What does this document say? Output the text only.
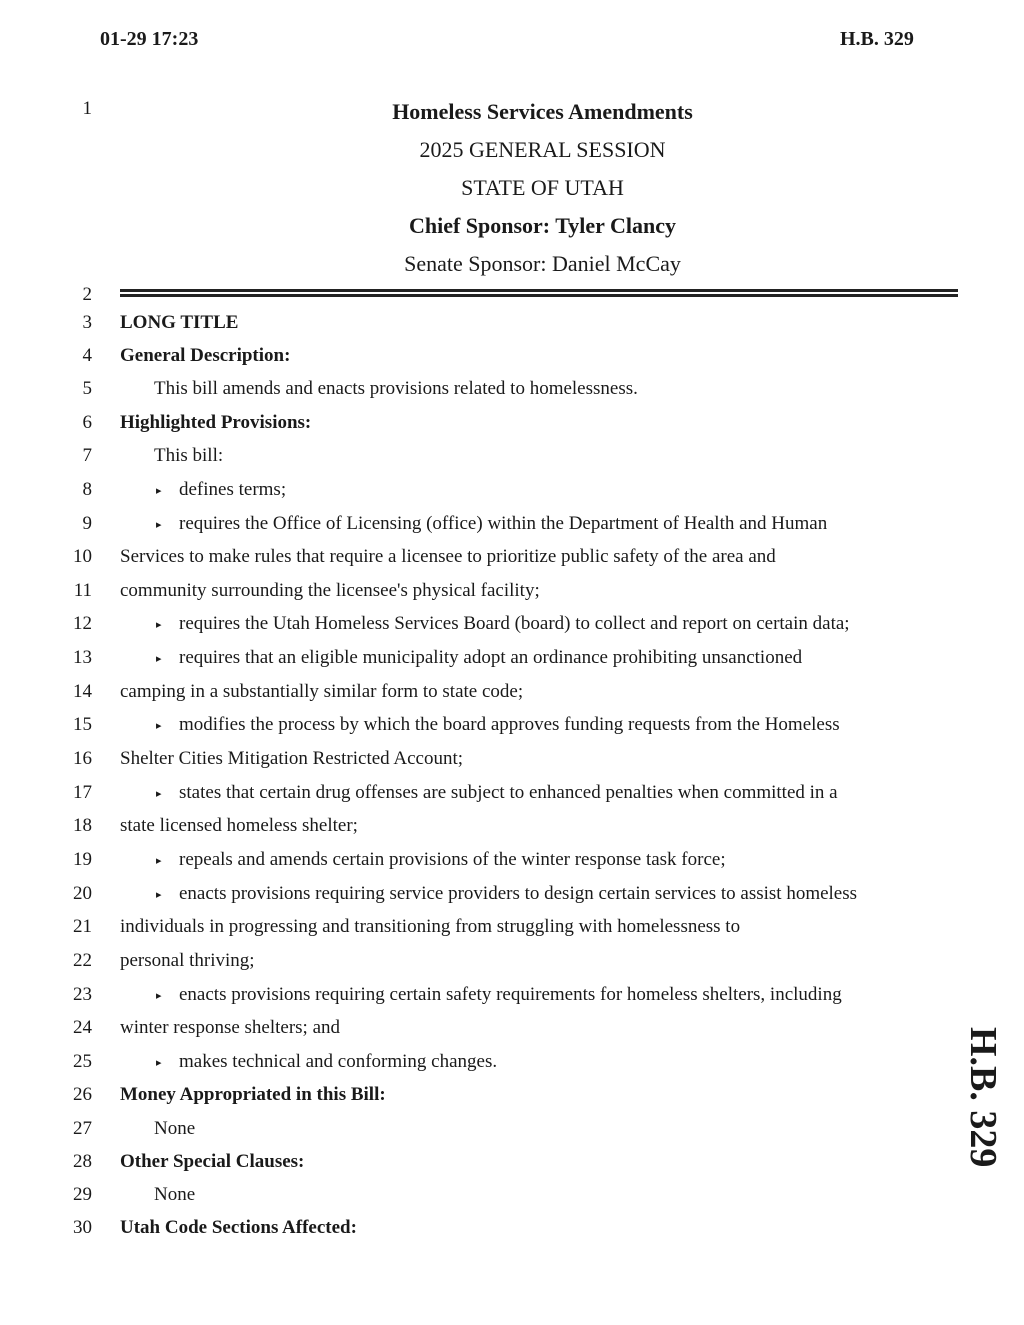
01-29 17:23	H.B. 329
1
2
3
4
5
6
7
8
9
10
11
12
13
14
15
16
17
18
19
20
21
22
23
24
25
26
27
28
29
30
Homeless Services Amendments
2025 GENERAL SESSION
STATE OF UTAH
Chief Sponsor: Tyler Clancy
Senate Sponsor: Daniel McCay
LONG TITLE
General Description:
This bill amends and enacts provisions related to homelessness.
Highlighted Provisions:
This bill:
▸ defines terms;
▸ requires the Office of Licensing (office) within the Department of Health and Human
Services to make rules that require a licensee to prioritize public safety of the area and
community surrounding the licensee's physical facility;
▸ requires the Utah Homeless Services Board (board) to collect and report on certain data;
▸ requires that an eligible municipality adopt an ordinance prohibiting unsanctioned
camping in a substantially similar form to state code;
▸ modifies the process by which the board approves funding requests from the Homeless
Shelter Cities Mitigation Restricted Account;
▸ states that certain drug offenses are subject to enhanced penalties when committed in a
state licensed homeless shelter;
▸ repeals and amends certain provisions of the winter response task force;
▸ enacts provisions requiring service providers to design certain services to assist homeless
individuals in progressing and transitioning from struggling with homelessness to
personal thriving;
▸ enacts provisions requiring certain safety requirements for homeless shelters, including
winter response shelters; and
▸ makes technical and conforming changes.
Money Appropriated in this Bill:
None
Other Special Clauses:
None
Utah Code Sections Affected:
H.B. 329
